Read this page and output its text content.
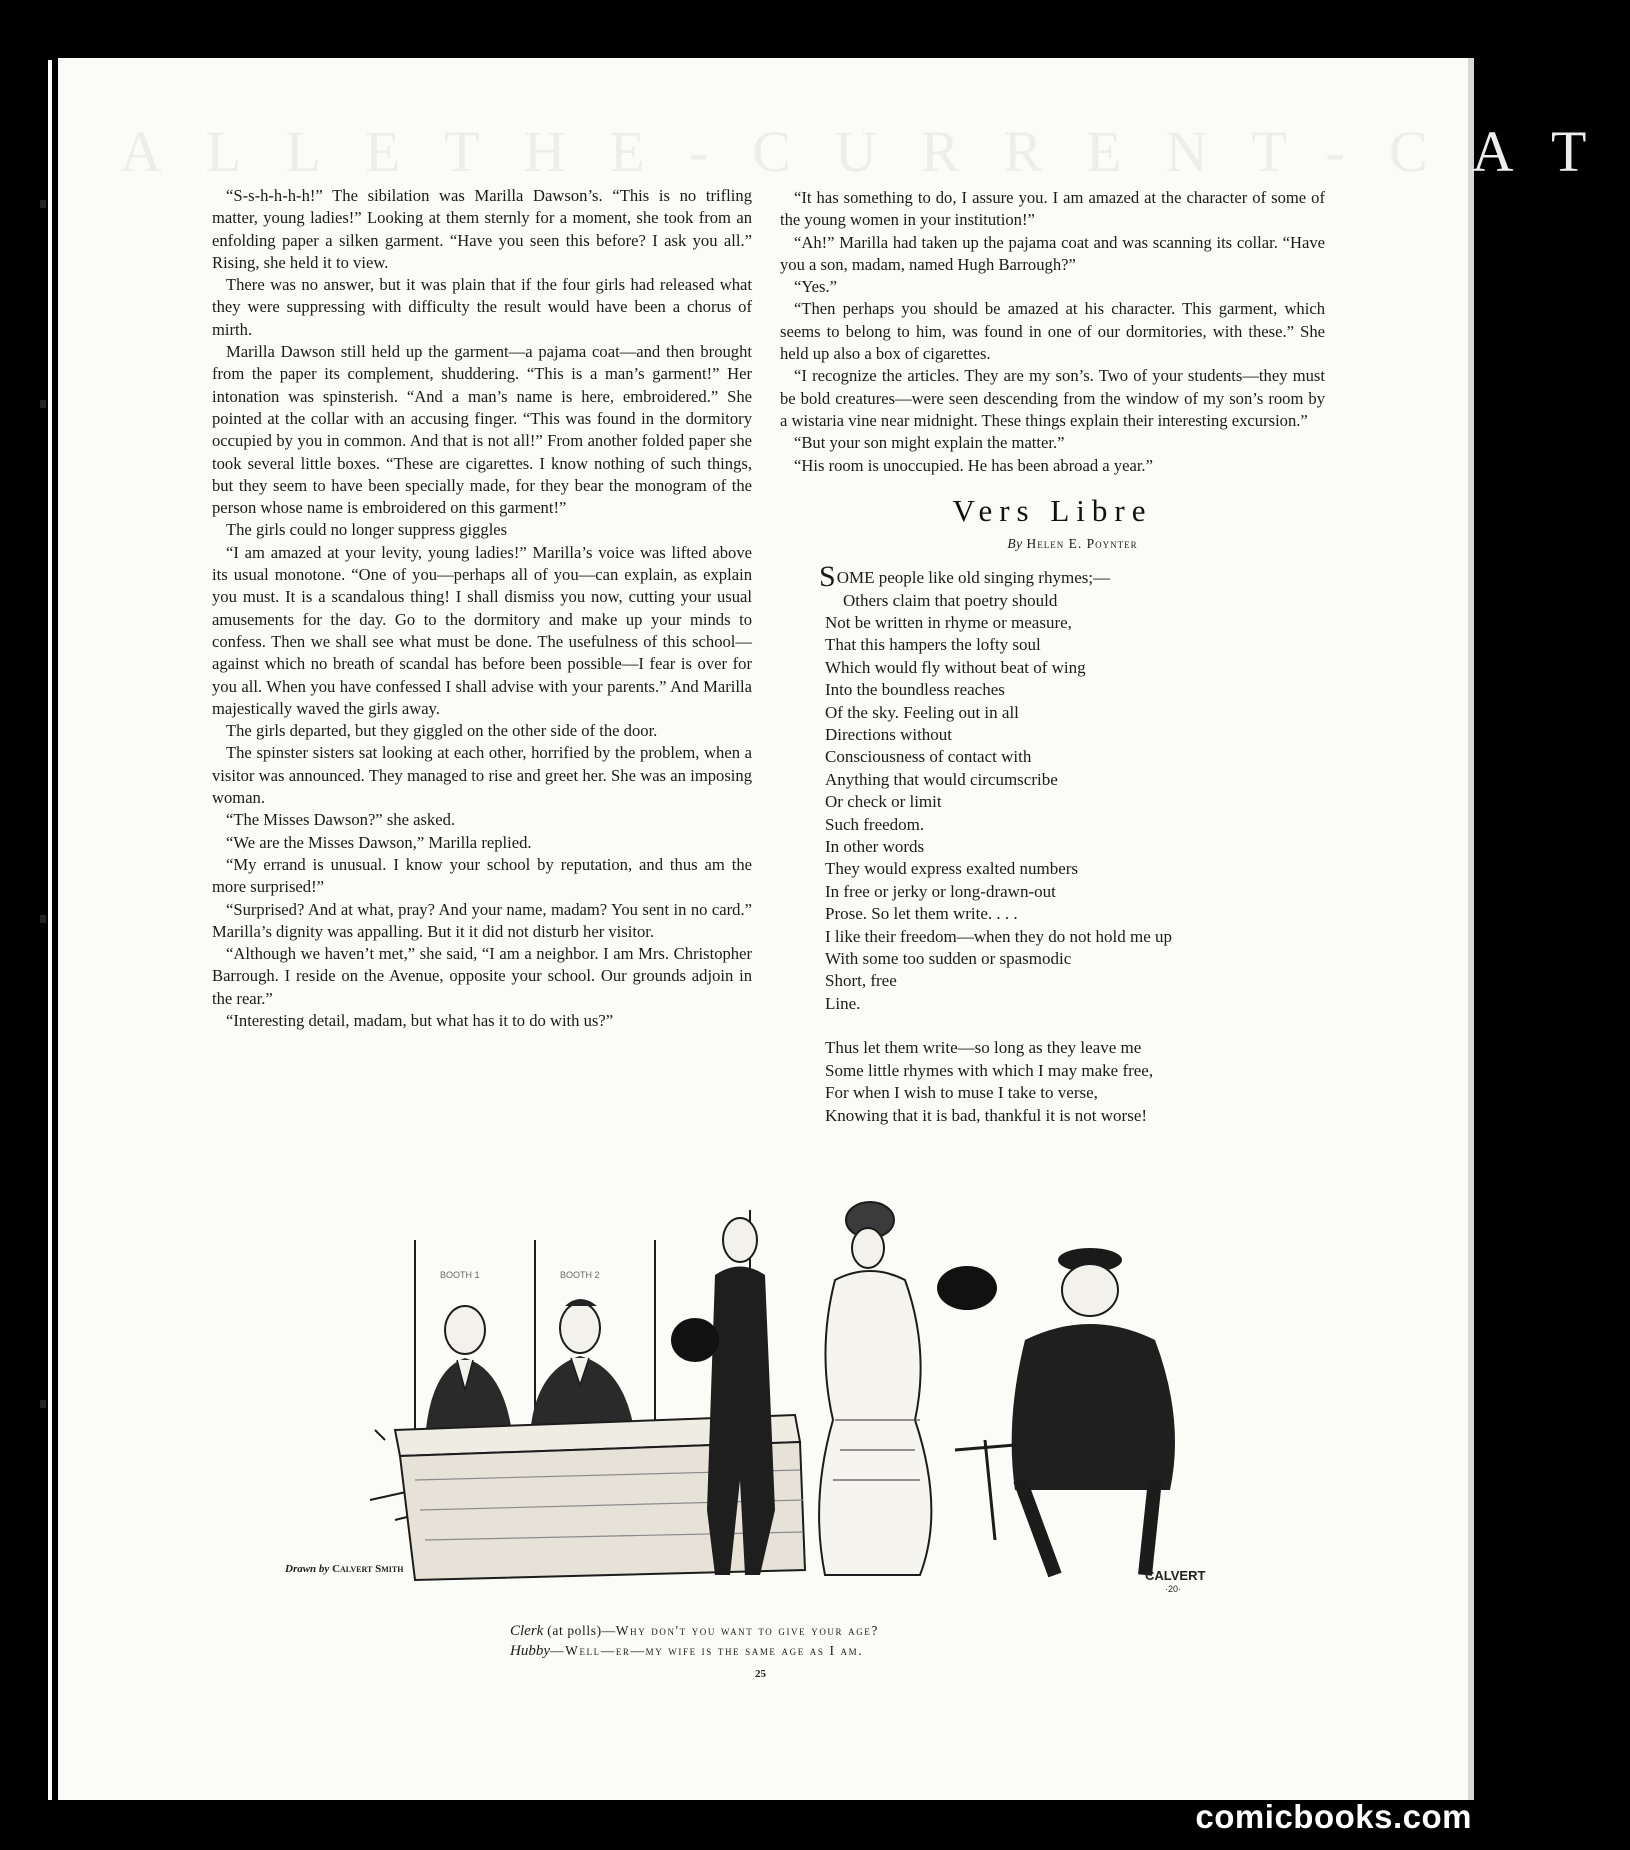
ALLETHE-CURRENT-CAT

“S-s-h-h-h-h!” The sibilation was Marilla Dawson’s. “This is no trifling matter, young ladies!” Looking at them sternly for a moment, she took from an enfolding paper a silken garment. “Have you seen this before? I ask you all.” Rising, she held it to view.

There was no answer, but it was plain that if the four girls had released what they were suppressing with difficulty the result would have been a chorus of mirth.

Marilla Dawson still held up the garment—a pajama coat—and then brought from the paper its complement, shuddering. “This is a man’s garment!” Her intonation was spinsterish. “And a man’s name is here, embroidered.” She pointed at the collar with an accusing finger. “This was found in the dormitory occupied by you in common. And that is not all!” From another folded paper she took several little boxes. “These are cigarettes. I know nothing of such things, but they seem to have been specially made, for they bear the monogram of the person whose name is embroidered on this garment!”

The girls could no longer suppress giggles

“I am amazed at your levity, young ladies!” Marilla’s voice was lifted above its usual monotone. “One of you—perhaps all of you—can explain, as explain you must. It is a scandalous thing! I shall dismiss you now, cutting your usual amusements for the day. Go to the dormitory and make up your minds to confess. Then we shall see what must be done. The usefulness of this school—against which no breath of scandal has before been possible—I fear is over for you all. When you have confessed I shall advise with your parents.” And Marilla majestically waved the girls away.

The girls departed, but they giggled on the other side of the door.

The spinster sisters sat looking at each other, horrified by the problem, when a visitor was announced. They managed to rise and greet her. She was an imposing woman.

“The Misses Dawson?” she asked.

“We are the Misses Dawson,” Marilla replied.

“My errand is unusual. I know your school by reputation, and thus am the more surprised!”

“Surprised? And at what, pray? And your name, madam? You sent in no card.” Marilla’s dignity was appalling. But it it did not disturb her visitor.

“Although we haven’t met,” she said, “I am a neighbor. I am Mrs. Christopher Barrough. I reside on the Avenue, opposite your school. Our grounds adjoin in the rear.”

“Interesting detail, madam, but what has it to do with us?”

“It has something to do, I assure you. I am amazed at the character of some of the young women in your institution!”

“Ah!” Marilla had taken up the pajama coat and was scanning its collar. “Have you a son, madam, named Hugh Barrough?”

“Yes.”

“Then perhaps you should be amazed at his character. This garment, which seems to belong to him, was found in one of our dormitories, with these.” She held up also a box of cigarettes.

“I recognize the articles. They are my son’s. Two of your students—they must be bold creatures—were seen descending from the window of my son’s room by a wistaria vine near midnight. These things explain their interesting excursion.”

“But your son might explain the matter.”

“His room is unoccupied. He has been abroad a year.”

Vers Libre
By Helen E. Poynter
SOME people like old singing rhymes;—
Others claim that poetry should
Not be written in rhyme or measure,
That this hampers the lofty soul
Which would fly without beat of wing
Into the boundless reaches
Of the sky. Feeling out in all
Directions without
Consciousness of contact with
Anything that would circumscribe
Or check or limit
Such freedom.
In other words
They would express exalted numbers
In free or jerky or long-drawn-out
Prose. So let them write. . . .
I like their freedom—when they do not hold me up
With some too sudden or spasmodic
Short, free
Line.
Thus let them write—so long as they leave me
Some little rhymes with which I may make free,
For when I wish to muse I take to verse,
Knowing that it is bad, thankful it is not worse!
BOOTH 1	BOOTH 2
CALVERT
·20·
Drawn by Calvert Smith
Clerk (at polls)—Why don't you want to give your age?
Hubby—Well—er—my wife is the same age as I am.
25
comicbooks.com
